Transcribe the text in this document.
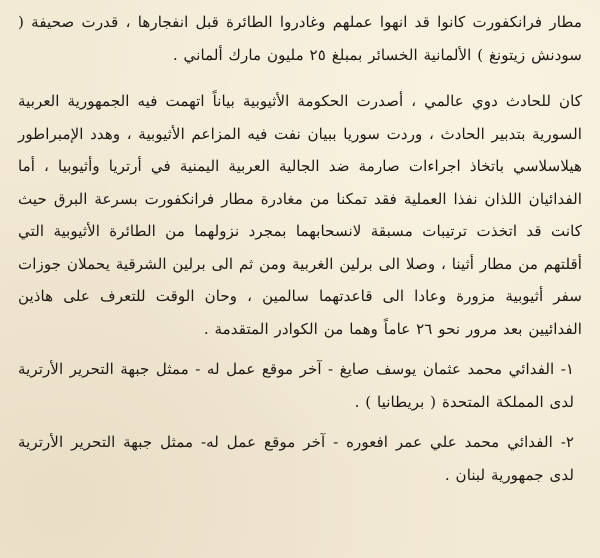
مطار فرانكفورت كانوا قد انهوا عملهم وغادروا الطائرة قبل انفجارها ، قدرت صحيفة ( سودنش زيتونغ ) الألمانية الخسائر بمبلغ ٢٥ مليون مارك ألماني .

كان للحادث دوي عالمي ، أصدرت الحكومة الأثيوبية بياناً اتهمت فيه الجمهورية العربية السورية بتدبير الحادث ، وردت سوريا ببيان نفت فيه المزاعم الأثيوبية ، وهدد الإمبراطور هيلاسلاسي باتخاذ اجراءات صارمة ضد الجالية العربية اليمنية في أرتريا وأثيوبيا ، أما الفدائيان اللذان نفذا العملية فقد تمكنا من مغادرة مطار فرانكفورت بسرعة البرق حيث كانت قد اتخذت ترتيبات مسبقة لانسحابهما بمجرد نزولهما من الطائرة الأثيوبية التي أقلتهم من مطار أثينا ، وصلا الى برلين الغربية ومن ثم الى برلين الشرقية يحملان جوزات سفر أثيوبية مزورة وعادا الى قاعدتهما سالمين ، وحان الوقت للتعرف على هاذين الفدائيين بعد مرور نحو ٢٦ عاماً وهما من الكوادر المتقدمة .

١- الفدائي محمد عثمان يوسف صايغ - آخر موقع عمل له - ممثل جبهة التحرير الأرترية لدى المملكة المتحدة ( بريطانيا ) .

٢- الفدائي محمد علي عمر افعوره - آخر موقع عمل له- ممثل جبهة التحرير الأرترية لدى جمهورية لبنان .
